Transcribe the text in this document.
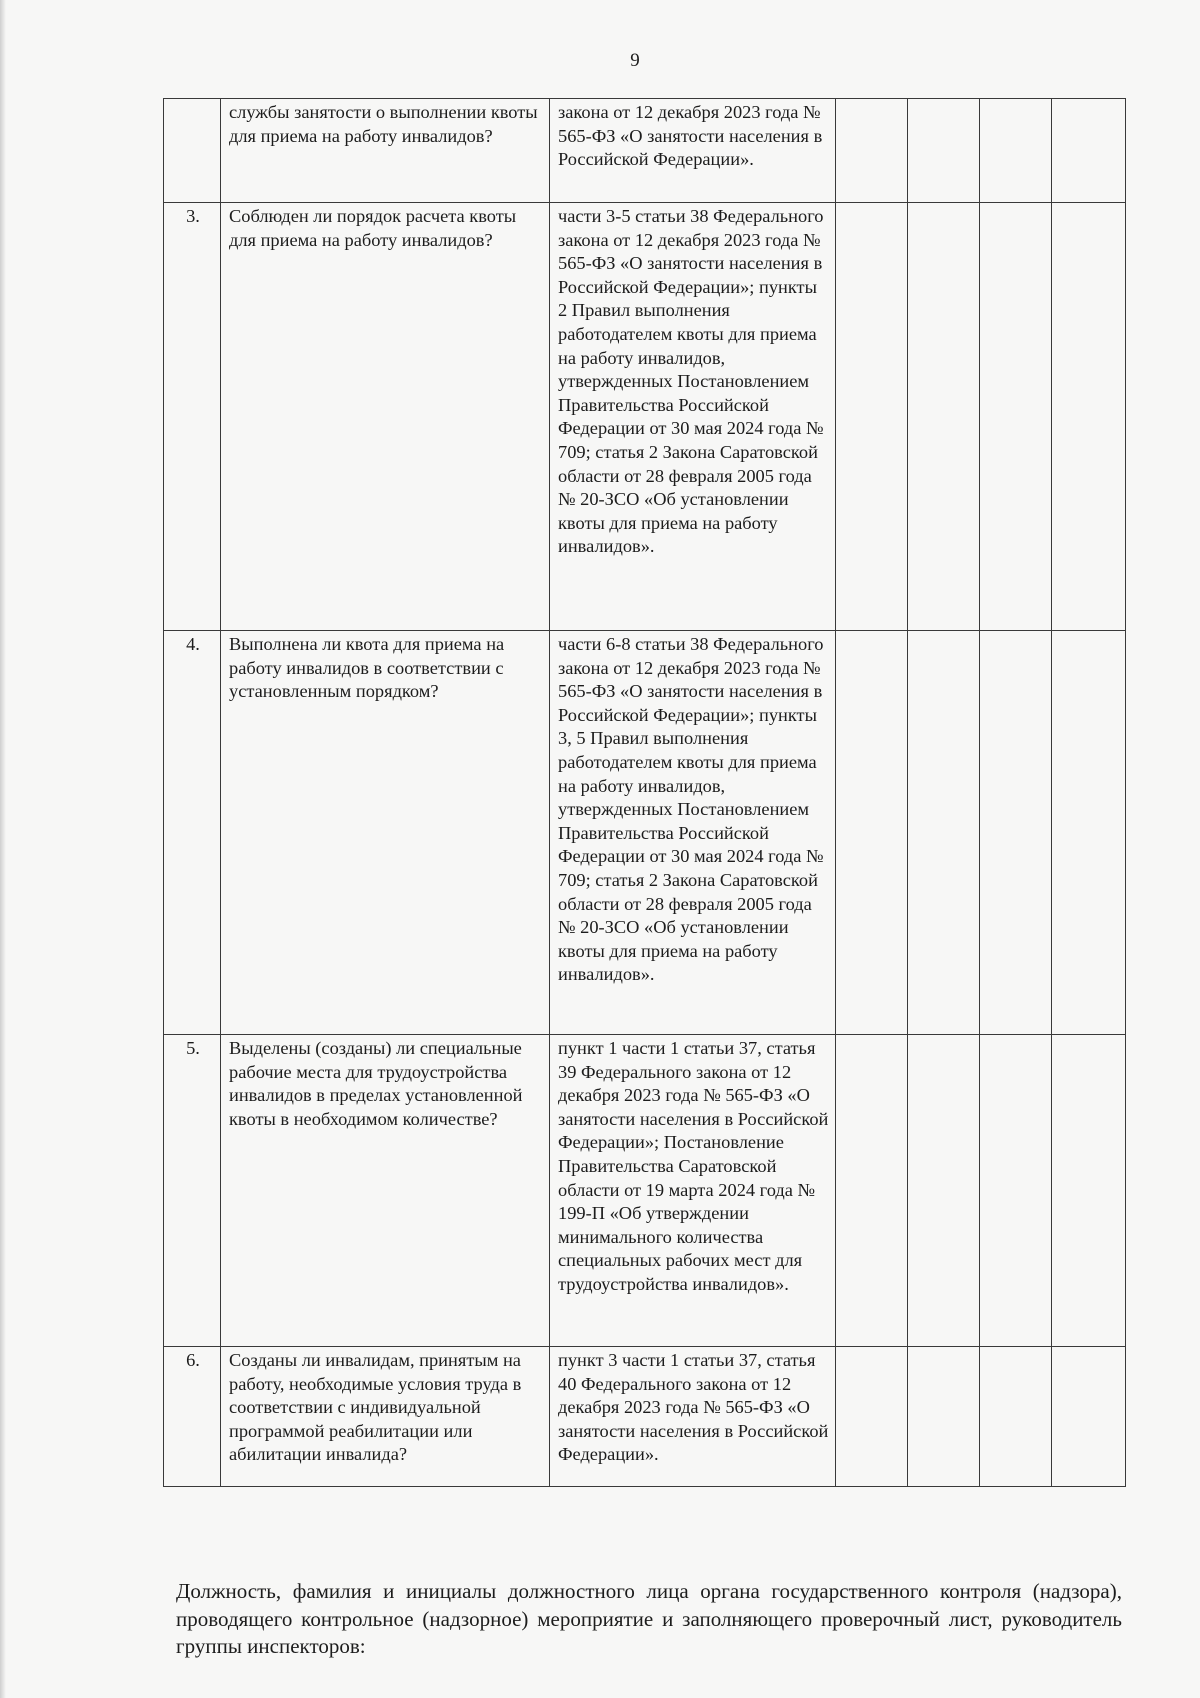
9
	службы занятости о выполнении квоты для приема на работу инвалидов?	закона от 12 декабря 2023 года № 565-ФЗ «О занятости населения в Российской Федерации».				
3.	Соблюден ли порядок расчета квоты для приема на работу инвалидов?	части 3-5 статьи 38 Федерального закона от 12 декабря 2023 года № 565-ФЗ «О занятости населения в Российской Федерации»; пункты 2 Правил выполнения работодателем квоты для приема на работу инвалидов, утвержденных Постановлением Правительства Российской Федерации от 30 мая 2024 года № 709; статья 2 Закона Саратовской области от 28 февраля 2005 года № 20-ЗСО «Об установлении квоты для приема на работу инвалидов».				
4.	Выполнена ли квота для приема на работу инвалидов в соответствии с установленным порядком?	части 6-8 статьи 38 Федерального закона от 12 декабря 2023 года № 565-ФЗ «О занятости населения в Российской Федерации»; пункты 3, 5 Правил выполнения работодателем квоты для приема на работу инвалидов, утвержденных Постановлением Правительства Российской Федерации от 30 мая 2024 года № 709; статья 2 Закона Саратовской области от 28 февраля 2005 года № 20-ЗСО «Об установлении квоты для приема на работу инвалидов».				
5.	Выделены (созданы) ли специальные рабочие места для трудоустройства инвалидов в пределах установленной квоты в необходимом количестве?	пункт 1 части 1 статьи 37, статья 39 Федерального закона от 12 декабря 2023 года № 565-ФЗ «О занятости населения в Российской Федерации»; Постановление Правительства Саратовской области от 19 марта 2024 года № 199-П «Об утверждении минимального количества специальных рабочих мест для трудоустройства инвалидов».				
6.	Созданы ли инвалидам, принятым на работу, необходимые условия труда в соответствии с индивидуальной программой реабилитации или абилитации инвалида?	пункт 3 части 1 статьи 37, статья 40 Федерального закона от 12 декабря 2023 года № 565-ФЗ «О занятости населения в Российской Федерации».				
Должность, фамилия и инициалы должностного лица органа государственного контроля (надзора), проводящего контрольное (надзорное) мероприятие и заполняющего проверочный лист, руководитель группы инспекторов:
